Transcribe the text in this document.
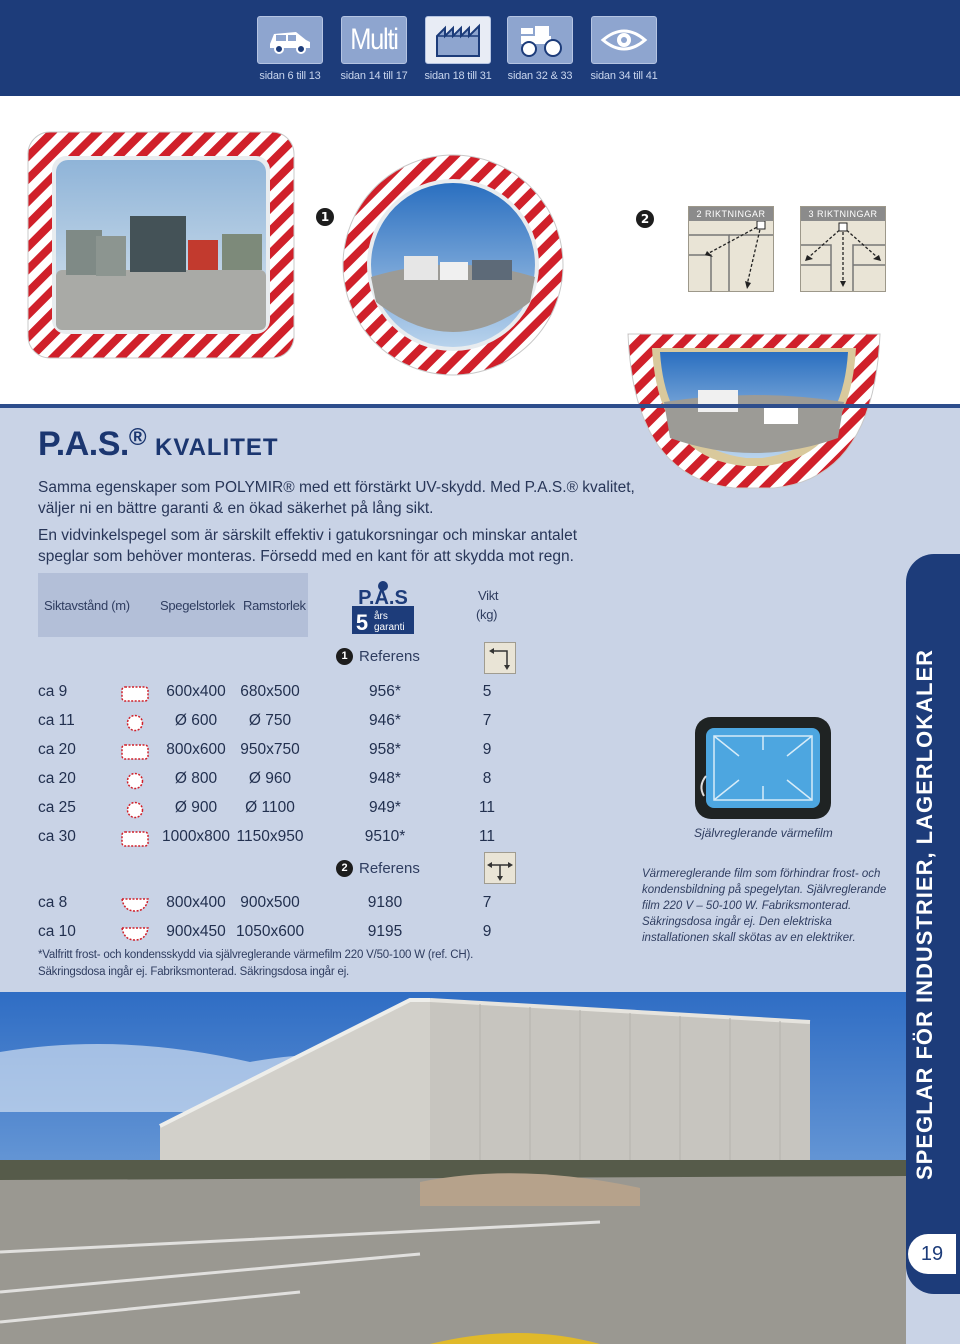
sidan 6 till 13
Multi
sidan 14 till 17 sidan 18 till 31 sidan 32 & 33 sidan 34 till 41
2 RIKTNINGAR	3 RIKTNINGAR
1	2
P.A.S.® KVALITET
Samma egenskaper som POLYMIR® med ett förstärkt UV-skydd. Med P.A.S.® kvalitet,
väljer ni en bättre garanti & en ökad säkerhet på lång sikt.
En vidvinkelspegel som är särskilt effektiv i gatukorsningar och minskar antalet
speglar som behöver monteras. Försedd med en kant för att skydda mot regn.
Siktavstånd (m) Spegelstorlek Ramstorlek
Vikt
(kg)
P.A.S
5 års
garanti
1 Referens
ca 9	600x400 680x500	956*	5
ca 11	Ø 600	Ø 750	946*	7
ca 20	800x600 950x750	958*	9
ca 20	Ø 800	Ø 960	948*	8
ca 25	Ø 900	Ø 1100	949*	11
ca 30	1000x800 1150x950	9510*	11
2 Referens
ca 8	800x400 900x500	9180	7
ca 10	900x450 1050x600	9195	9
*Valfritt frost- och kondensskydd via självreglerande värmefilm 220 V/50-100 W (ref. CH).
Säkringsdosa ingår ej. Fabriksmonterad. Säkringsdosa ingår ej.
Självreglerande värmefilm
Värmereglerande film som förhindrar frost- och
kondensbildning på spegelytan. Självreglerande
film 220 V – 50-100 W. Fabriksmonterad.
Säkringsdosa ingår ej. Den elektriska
installationen skall skötas av en elektriker.	SPEGLAR FÖR INDUSTRIER, LAGERLOKALER
19
